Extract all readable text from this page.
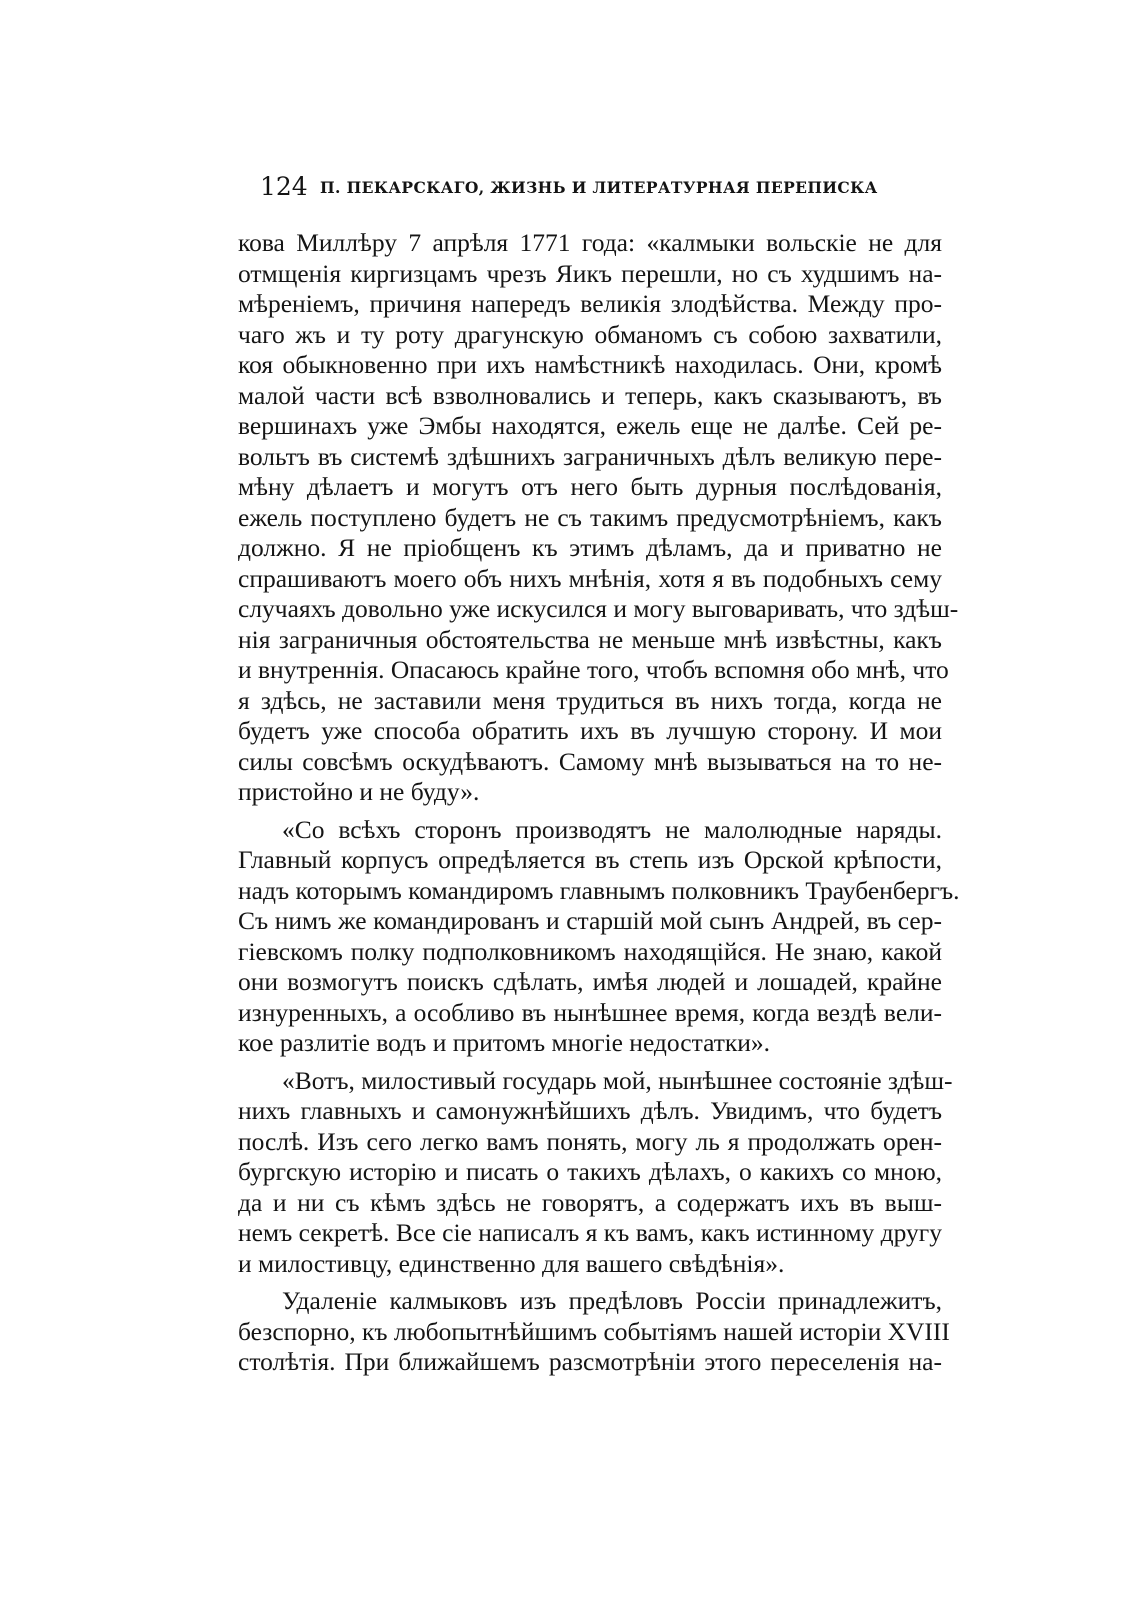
124 П. ПЕКАРСКАГО, ЖИЗНЬ И ЛИТЕРАТУРНАЯ ПЕРЕПИСКА
кова Миллѣру 7 апрѣля 1771 года: «калмыки вольскіе не для
отмщенія киргизцамъ чрезъ Яикъ перешли, но съ худшимъ на-
мѣреніемъ, причиня напередъ великія злодѣйства. Между про-
чаго жъ и ту роту драгунскую обманомъ съ собою захватили,
коя обыкновенно при ихъ намѣстникѣ находилась. Они, кромѣ
малой части всѣ взволновались и теперь, какъ сказываютъ, въ
вершинахъ уже Эмбы находятся, ежель еще не далѣе. Сей ре-
вольтъ въ системѣ здѣшнихъ заграничныхъ дѣлъ великую пере-
мѣну дѣлаетъ и могутъ отъ него быть дурныя послѣдованія,
ежель поступлено будетъ не съ такимъ предусмотрѣніемъ, какъ
должно. Я не пріобщенъ къ этимъ дѣламъ, да и приватно не
спрашиваютъ моего объ нихъ мнѣнія, хотя я въ подобныхъ сему
случаяхъ довольно уже искусился и могу выговаривать, что здѣш-
нія заграничныя обстоятельства не меньше мнѣ извѣстны, какъ
и внутреннія. Опасаюсь крайне того, чтобъ вспомня обо мнѣ, что
я здѣсь, не заставили меня трудиться въ нихъ тогда, когда не
будетъ уже способа обратить ихъ въ лучшую сторону. И мои
силы совсѣмъ оскудѣваютъ. Самому мнѣ вызываться на то не-
пристойно и не буду».
«Со всѣхъ сторонъ производятъ не малолюдные наряды.
Главный корпусъ опредѣляется въ степь изъ Орской крѣпости,
надъ которымъ командиромъ главнымъ полковникъ Траубенбергъ.
Съ нимъ же командированъ и старшій мой сынъ Андрей, въ сер-
гіевскомъ полку подполковникомъ находящійся. Не знаю, какой
они возмогутъ поискъ сдѣлать, имѣя людей и лошадей, крайне
изнуренныхъ, а особливо въ нынѣшнее время, когда вездѣ вели-
кое разлитіе водъ и притомъ многіе недостатки».
«Вотъ, милостивый государь мой, нынѣшнее состояніе здѣш-
нихъ главныхъ и самонужнѣйшихъ дѣлъ. Увидимъ, что будетъ
послѣ. Изъ сего легко вамъ понять, могу ль я продолжать орен-
бургскую исторію и писать о такихъ дѣлахъ, о какихъ со мною,
да и ни съ кѣмъ здѣсь не говорятъ, а содержатъ ихъ въ выш-
немъ секретѣ. Все сіе написалъ я къ вамъ, какъ истинному другу
и милостивцу, единственно для вашего свѣдѣнія».
Удаленіе калмыковъ изъ предѣловъ Россіи принадлежитъ,
безспорно, къ любопытнѣйшимъ событіямъ нашей исторіи XVIII
столѣтія. При ближайшемъ разсмотрѣніи этого переселенія на-
